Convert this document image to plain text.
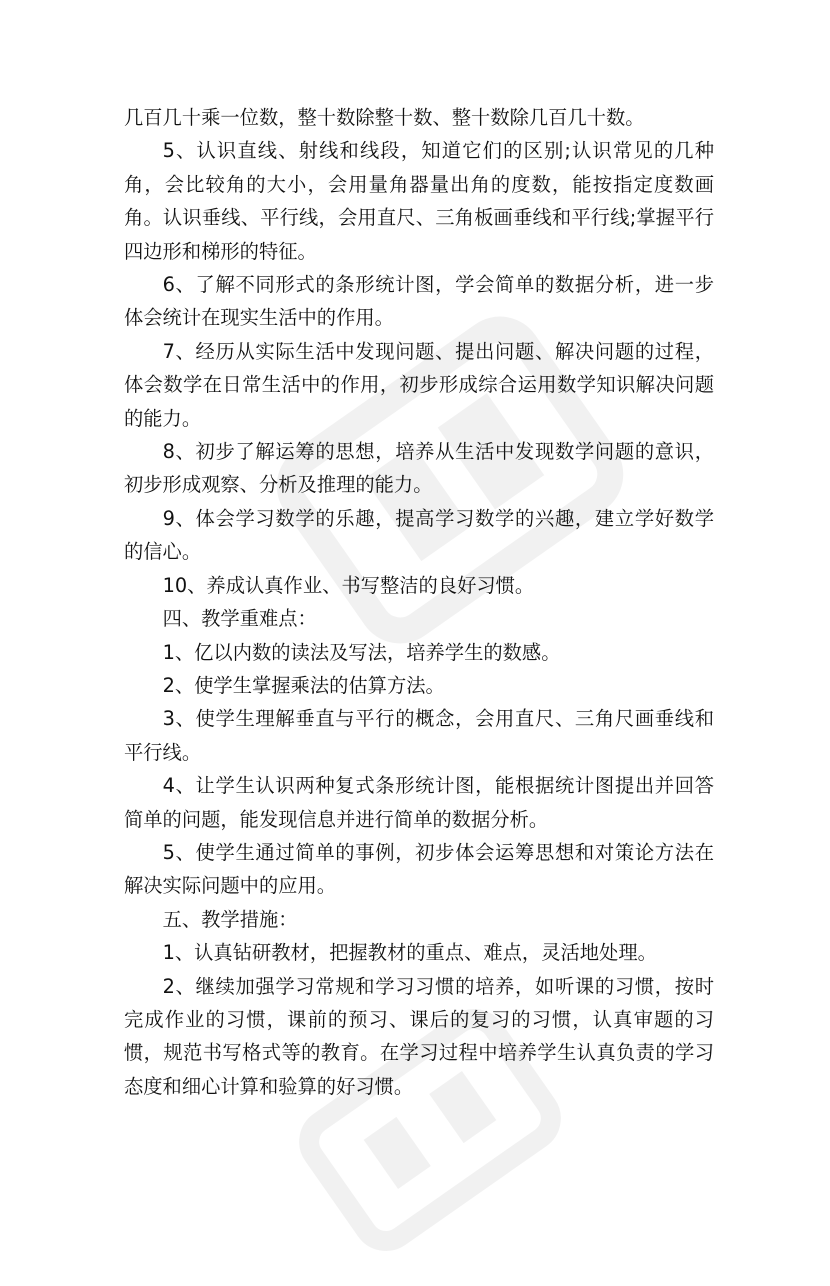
几百几十乘一位数，整十数除整十数、整十数除几百几十数。

5、认识直线、射线和线段，知道它们的区别;认识常见的几种角，会比较角的大小，会用量角器量出角的度数，能按指定度数画角。认识垂线、平行线，会用直尺、三角板画垂线和平行线;掌握平行四边形和梯形的特征。

6、了解不同形式的条形统计图，学会简单的数据分析，进一步体会统计在现实生活中的作用。

7、经历从实际生活中发现问题、提出问题、解决问题的过程，体会数学在日常生活中的作用，初步形成综合运用数学知识解决问题的能力。

8、初步了解运筹的思想，培养从生活中发现数学问题的意识，初步形成观察、分析及推理的能力。

9、体会学习数学的乐趣，提高学习数学的兴趣，建立学好数学的信心。

10、养成认真作业、书写整洁的良好习惯。

四、教学重难点：

1、亿以内数的读法及写法，培养学生的数感。

2、使学生掌握乘法的估算方法。

3、使学生理解垂直与平行的概念，会用直尺、三角尺画垂线和平行线。

4、让学生认识两种复式条形统计图，能根据统计图提出并回答简单的问题，能发现信息并进行简单的数据分析。

5、使学生通过简单的事例，初步体会运筹思想和对策论方法在解决实际问题中的应用。

五、教学措施：

1、认真钻研教材，把握教材的重点、难点，灵活地处理。

2、继续加强学习常规和学习习惯的培养，如听课的习惯，按时完成作业的习惯，课前的预习、课后的复习的习惯，认真审题的习惯，规范书写格式等的教育。在学习过程中培养学生认真负责的学习态度和细心计算和验算的好习惯。
